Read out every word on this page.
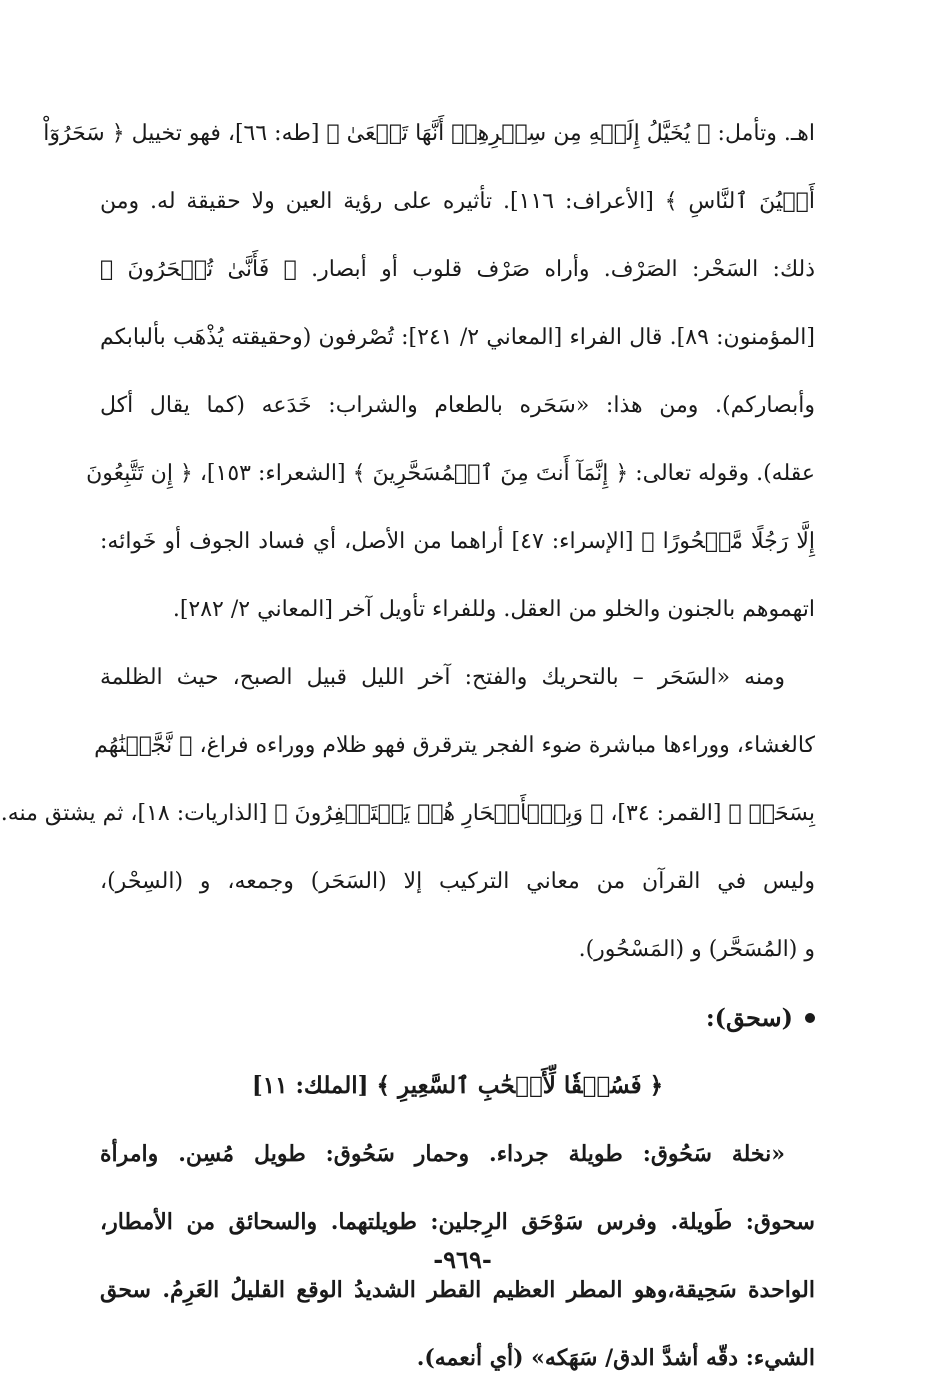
اهـ. وتأمل: ﴿ يُخَيَّلُ إِلَيۡهِ مِن سِحۡرِهِمۡ أَنَّهَا تَسۡعَىٰ ﴾ [طه: ٦٦]، فهو تخييل ﴿ سَحَرُوٓاْ
أَعۡيُنَ ٱلنَّاسِ ﴾ [الأعراف: ١١٦]. تأثيره على رؤية العين ولا حقيقة له. ومن
ذلك: السَحْر: الصَرْف. وأراه صَرْف قلوب أو أبصار. ﴿ فَأَنَّىٰ تُسۡحَرُونَ ﴾
[المؤمنون: ٨٩]. قال الفراء [المعاني ٢/ ٢٤١]: تُصْرفون (وحقيقته يُذْهَب بألبابكم
وأبصاركم). ومن هذا: «سَحَره بالطعام والشراب: خَدَعه (كما يقال أكل
عقله). وقوله تعالى: ﴿ إِنَّمَآ أَنتَ مِنَ ٱلۡمُسَحَّرِينَ ﴾ [الشعراء: ١٥٣]، ﴿ إِن تَتَّبِعُونَ
إِلَّا رَجُلًا مَّسۡحُورًا ﴾ [الإسراء: ٤٧] أراهما من الأصل، أي فساد الجوف أو خَوائه:
اتهموهم بالجنون والخلو من العقل. وللفراء تأويل آخر [المعاني ٢/ ٢٨٢].
ومنه «السَحَر – بالتحريك والفتح: آخر الليل قبيل الصبح، حيث الظلمة
كالغشاء، ووراءها مباشرة ضوء الفجر يترقرق فهو ظلام ووراءه فراغ، ﴿ نَّجَّيۡنَٰهُم
بِسَحَرٖ ﴾ [القمر: ٣٤]، ﴿ وَبِٱلۡأَسۡحَارِ هُمۡ يَسۡتَغۡفِرُونَ ﴾ [الذاريات: ١٨]، ثم يشتق منه.
وليس في القرآن من معاني التركيب إلا (السَحَر) وجمعه، و (السِحْر)،
و (المُسَحَّر) و (المَسْحُور).
(سحق):
﴿ فَسُحۡقٗا لِّأَصۡحَٰبِ ٱلسَّعِيرِ ﴾ [الملك: ١١]
«نخلة سَحُوق: طويلة جرداء. وحمار سَحُوق: طويل مُسِن. وامرأة
سحوق: طَويلة. وفرس سَوْحَق الرِجلين: طويلتهما. والسحائق من الأمطار،
الواحدة سَحِيقة،وهو المطر العظيم القطر الشديدُ الوقع القليلُ العَرِمُ. سحق
الشيء: دقّه أشدَّ الدق/ سَهَكه» (أي أنعمه).
-٩٦٩-
